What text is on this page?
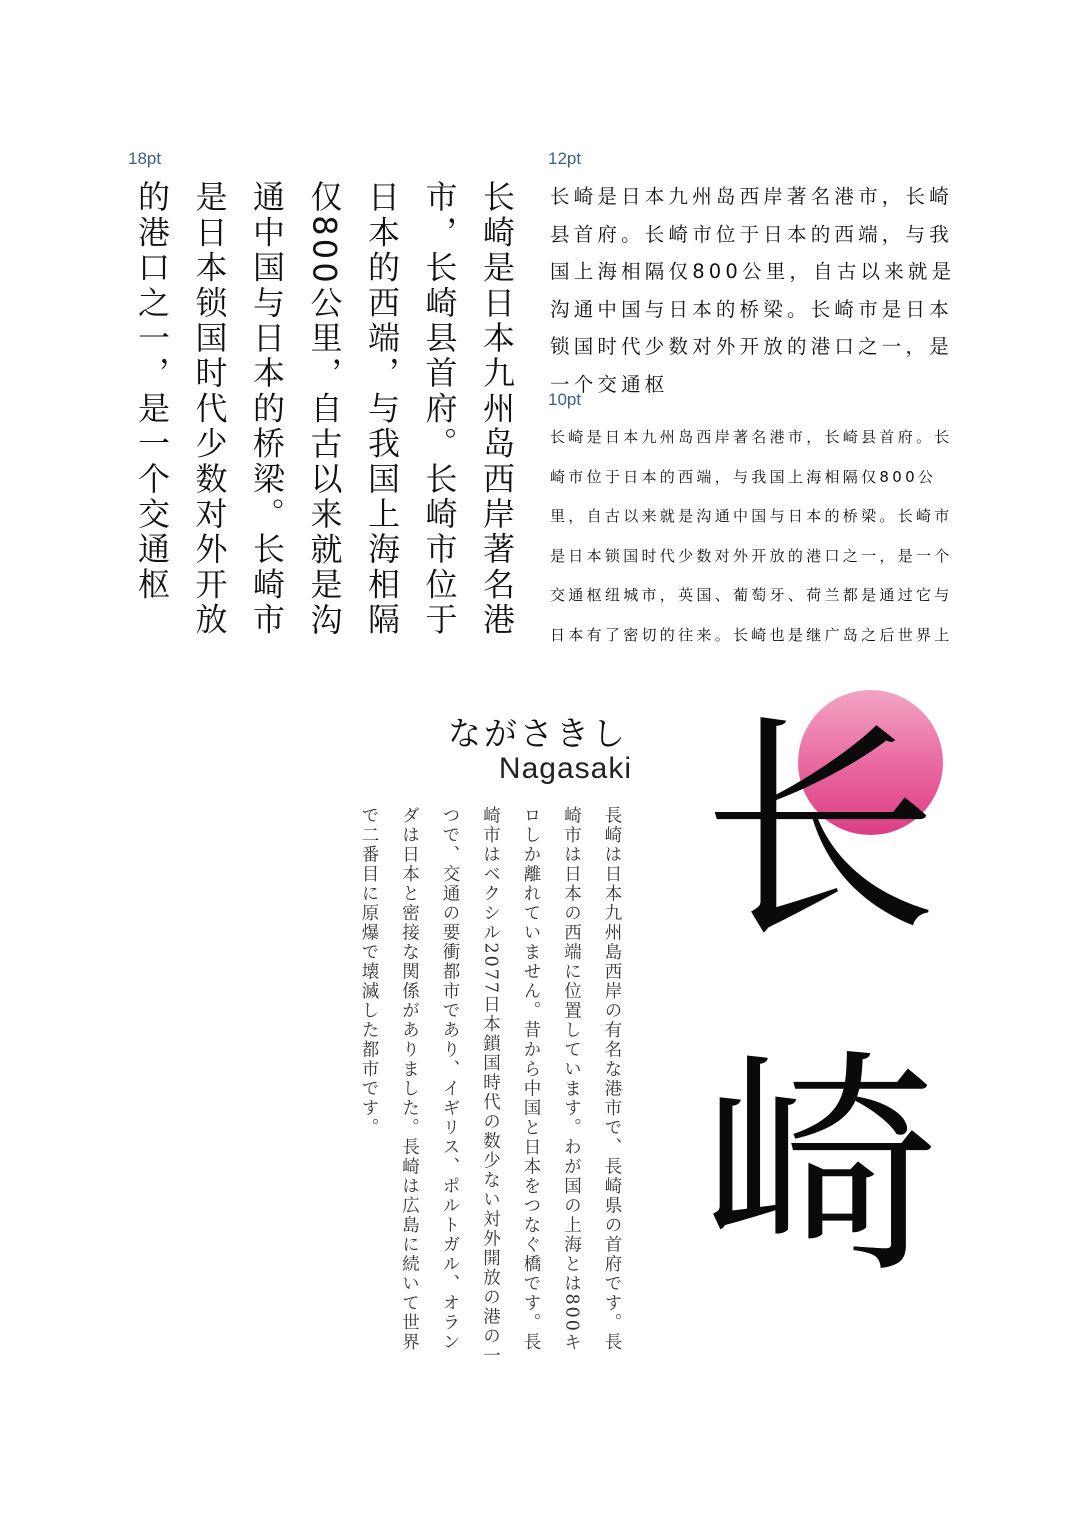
18pt	12pt
10pt
长崎是日本九州岛西岸著名港市，长崎县首府。长崎市位于日本的西端，与我国上海相隔仅800公里，自古以来就是沟通中国与日本的桥梁。长崎市是日本锁国时代少数对外开放的港口之一，是一个交通枢	长崎是日本九州岛西岸著名港市，长崎县首府。长崎市位于日本的西端，与我国上海相隔仅800公里，自古以来就是沟通中国与日本的桥梁。长崎市是日本锁国时代少数对外开放的港口之一，是一个交通枢
长崎是日本九州岛西岸著名港市，长崎县首府。长崎市位于日本的西端，与我国上海相隔仅800公里，自古以来就是沟通中国与日本的桥梁。长崎市是日本锁国时代少数对外开放的港口之一，是一个交通枢纽城市，英国、葡萄牙、荷兰都是通过它与日本有了密切的往来。长崎也是继广岛之后世界上
ながさきし
Nagasaki
長崎は日本九州島西岸の有名な港市で、長崎県の首府です。長崎市は日本の西端に位置しています。わが国の上海とは800キロしか離れていません。昔から中国と日本をつなぐ橋です。長崎市はベクシル2077日本鎖国時代の数少ない対外開放の港の一つで、交通の要衝都市であり、イギリス、ポルトガル、オランダは日本と密接な関係がありました。長崎は広島に続いて世界で二番目に原爆で壊滅した都市です。	长
崎
